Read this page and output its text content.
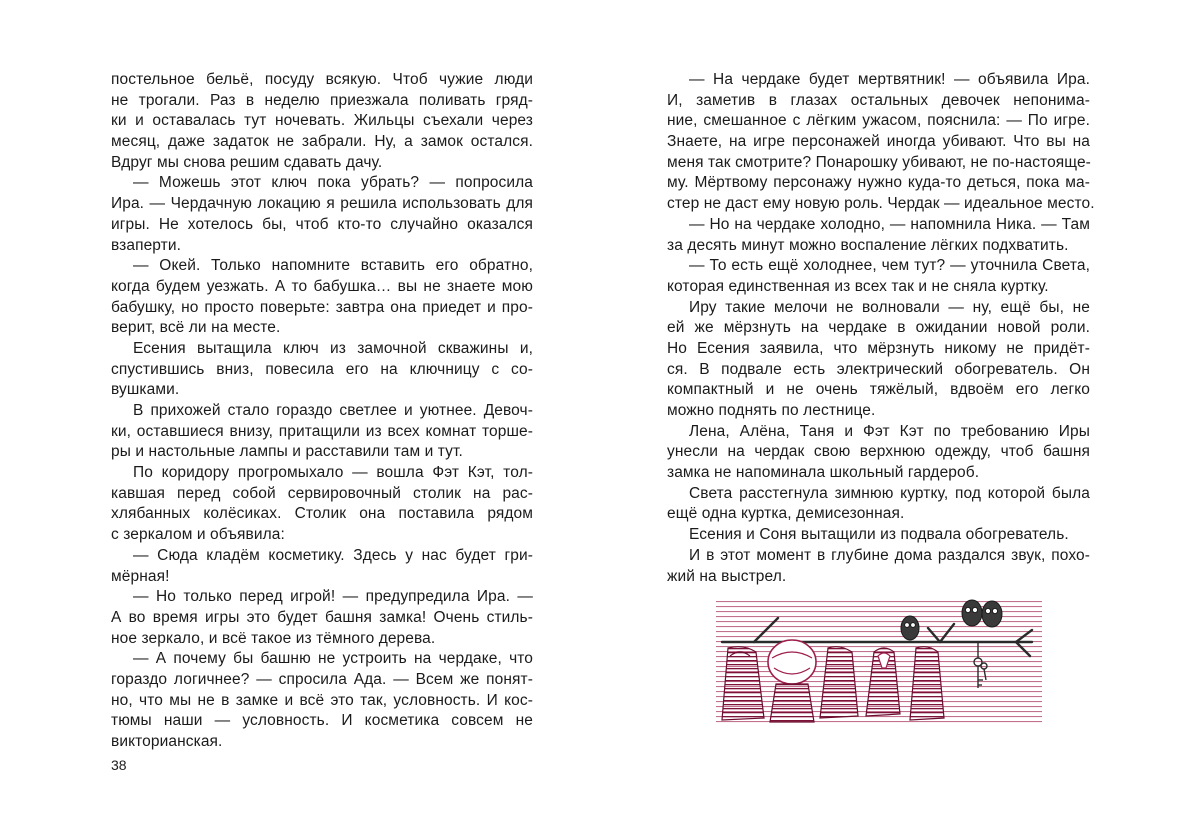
постельное бельё, посуду всякую. Чтоб чужие люди
не трогали. Раз в неделю приезжала поливать гряд-
ки и оставалась тут ночевать. Жильцы съехали через
месяц, даже задаток не забрали. Ну, а замок остался.
Вдруг мы снова решим сдавать дачу.
— Можешь этот ключ пока убрать? — попросила
Ира. — Чердачную локацию я решила использовать для
игры. Не хотелось бы, чтоб кто-то случайно оказался
взаперти.
— Окей. Только напомните вставить его обратно,
когда будем уезжать. А то бабушка… вы не знаете мою
бабушку, но просто поверьте: завтра она приедет и про-
верит, всё ли на месте.
Есения вытащила ключ из замочной скважины и,
спустившись вниз, повесила его на ключницу с со-
вушками.
В прихожей стало гораздо светлее и уютнее. Девоч-
ки, оставшиеся внизу, притащили из всех комнат торше-
ры и настольные лампы и расставили там и тут.
По коридору прогромыхало — вошла Фэт Кэт, тол-
кавшая перед собой сервировочный столик на рас-
хлябанных колёсиках. Столик она поставила рядом
с зеркалом и объявила:
— Сюда кладём косметику. Здесь у нас будет гри-
мёрная!
— Но только перед игрой! — предупредила Ира. —
А во время игры это будет башня замка! Очень стиль-
ное зеркало, и всё такое из тёмного дерева.
— А почему бы башню не устроить на чердаке, что
гораздо логичнее? — спросила Ада. — Всем же понят-
но, что мы не в замке и всё это так, условность. И кос-
тюмы наши — условность. И косметика совсем не
викторианская.
— На чердаке будет мертвятник! — объявила Ира.
И, заметив в глазах остальных девочек непонима-
ние, смешанное с лёгким ужасом, пояснила: — По игре.
Знаете, на игре персонажей иногда убивают. Что вы на
меня так смотрите? Понарошку убивают, не по-настояще-
му. Мёртвому персонажу нужно куда-то деться, пока ма-
стер не даст ему новую роль. Чердак — идеальное место.
— Но на чердаке холодно, — напомнила Ника. — Там
за десять минут можно воспаление лёгких подхватить.
— То есть ещё холоднее, чем тут? — уточнила Света,
которая единственная из всех так и не сняла куртку.
Иру такие мелочи не волновали — ну, ещё бы, не
ей же мёрзнуть на чердаке в ожидании новой роли.
Но Есения заявила, что мёрзнуть никому не придёт-
ся. В подвале есть электрический обогреватель. Он
компактный и не очень тяжёлый, вдвоём его легко
можно поднять по лестнице.
Лена, Алёна, Таня и Фэт Кэт по требованию Иры
унесли на чердак свою верхнюю одежду, чтоб башня
замка не напоминала школьный гардероб.
Света расстегнула зимнюю куртку, под которой была
ещё одна куртка, демисезонная.
Есения и Соня вытащили из подвала обогреватель.
И в этот момент в глубине дома раздался звук, похо-
жий на выстрел.
38
